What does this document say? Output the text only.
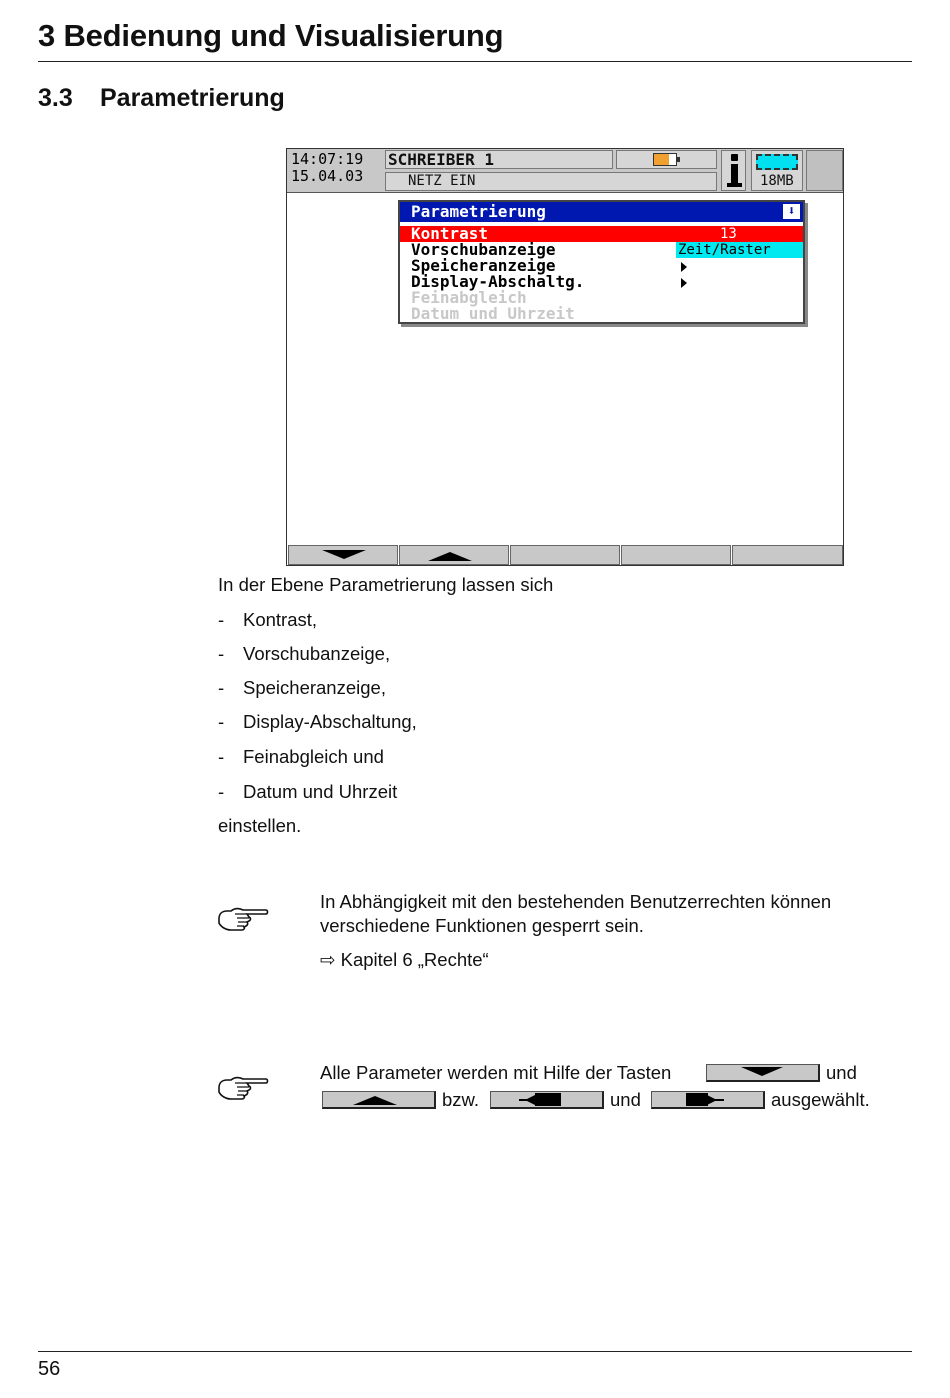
3 Bedienung und Visualisierung
3.3 Parametrierung
14:07:19
15.04.03
SCHREIBER 1
NETZ EIN	18MB
Parametrierung	⬇
Kontrast	13
Vorschubanzeige	Zeit/Raster
Speicheranzeige
Display-Abschaltg.
Feinabgleich
Datum und Uhrzeit
In der Ebene Parametrierung lassen sich
- Kontrast,
- Vorschubanzeige,
- Speicheranzeige,
- Display-Abschaltung,
- Feinabgleich und
- Datum und Uhrzeit
einstellen.
In Abhängigkeit mit den bestehenden Benutzerrechten können
verschiedene Funktionen gesperrt sein.
⇨ Kapitel 6 „Rechte“
Alle Parameter werden mit Hilfe der Tasten	und
bzw.	und	ausgewählt.
56
